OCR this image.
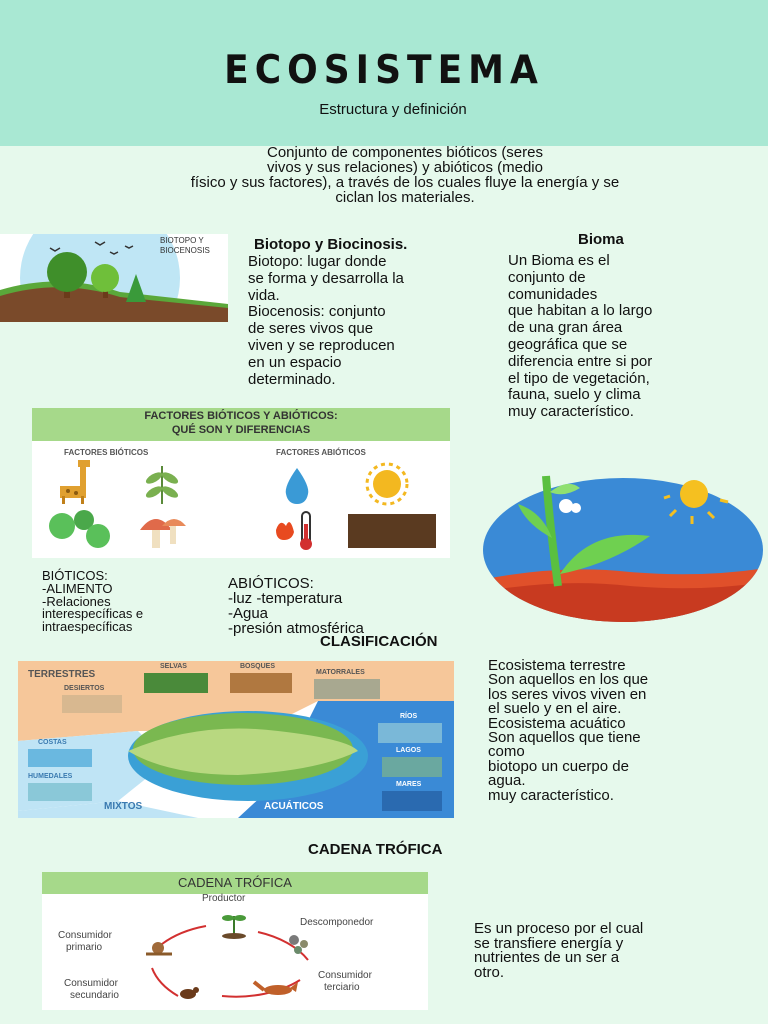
ECOSISTEMA
Estructura y definición
Conjunto de componentes bióticos (seres
vivos y sus relaciones) y abióticos (medio
físico y sus factores), a través de los cuales fluye la energía y se
ciclan los materiales.
BIOTOPO Y
BIOCENOSIS	Biotopo y Biocinosis.
Biotopo: lugar donde
se forma y desarrolla la
vida.
Biocenosis: conjunto
de seres vivos que
viven y se reproducen
en un espacio
determinado.
Bioma
Un Bioma es el
conjunto de
comunidades
que habitan a lo largo
de una gran área
geográfica que se
diferencia entre si por
el tipo de vegetación,
fauna, suelo y clima
muy característico.
FACTORES BIÓTICOS Y ABIÓTICOS:
QUÉ SON Y DIFERENCIAS
FACTORES BIÓTICOS	FACTORES ABIÓTICOS
BIÓTICOS:
-ALIMENTO
-Relaciones
interespecíficas e
intraespecíficas
ABIÓTICOS:
-luz -temperatura
-Agua
-presión atmosférica
CLASIFICACIÓN
TERRESTRES
SELVAS	BOSQUES
MATORRALES
DESIERTOS
RÍOS
COSTAS
LAGOS
HUMEDALES
MARES
MIXTOS	ACUÁTICOS
Ecosistema terrestre
Son aquellos en los que
los seres vivos viven en
el suelo y en el aire.
Ecosistema acuático
Son aquellos que tiene
como
biotopo un cuerpo de
agua.
muy característico.
CADENA TRÓFICA
CADENA TRÓFICA
Productor
Descomponedor
Consumidor
primario
Consumidor
secundario
Consumidor
terciario
Es un proceso por el cual
se transfiere energía y
nutrientes de un ser a
otro.
